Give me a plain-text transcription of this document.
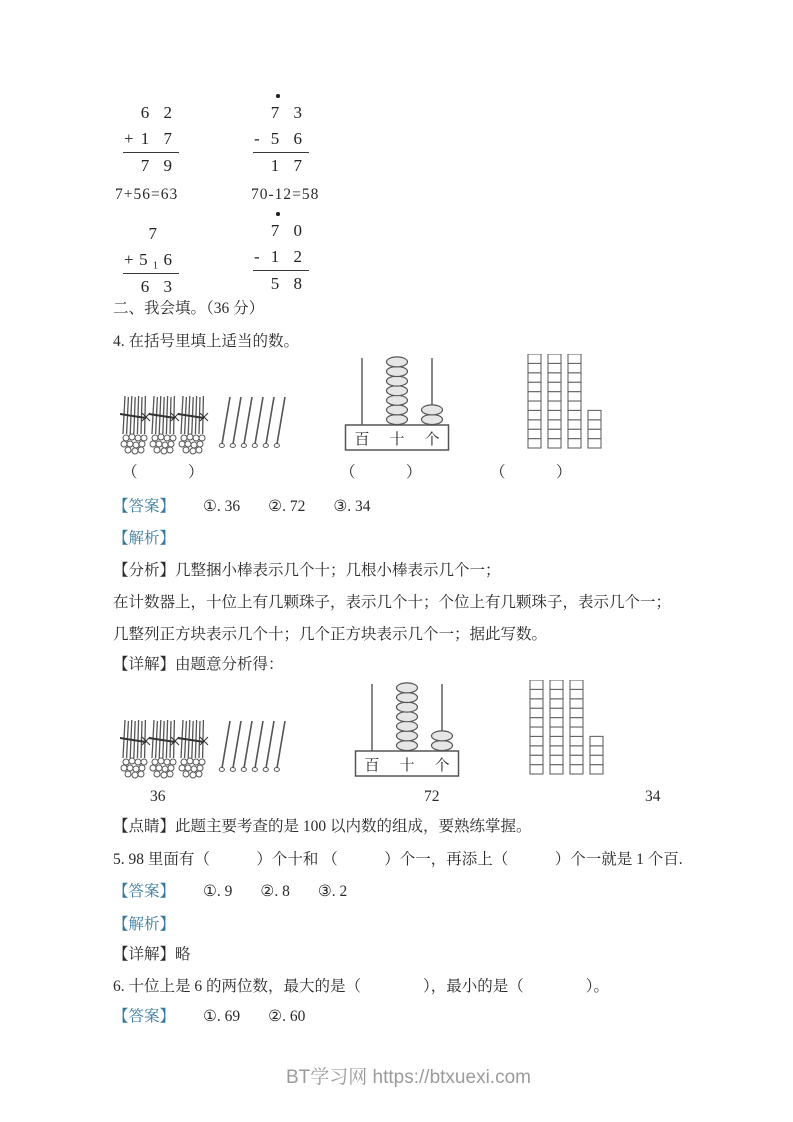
6 2
+ 1 7
7 9
7 3
- 5 6
1 7
7+56=63	70-12=58
7
+ 5₁6
6 3
7 0
- 1 2
5 8
二、我会填。（36 分）
4. 在括号里填上适当的数。
百 十 个
（　　　）	（　　　）	（　　　）
【答案】 ①. 36 ②. 72 ③. 34
【解析】
【分析】几整捆小棒表示几个十；几根小棒表示几个一；
在计数器上，十位上有几颗珠子，表示几个十；个位上有几颗珠子，表示几个一；
几整列正方块表示几个十；几个正方块表示几个一；据此写数。
【详解】由题意分析得：
百 十 个
36	72	34
【点睛】此题主要考查的是 100 以内数的组成，要熟练掌握。
5. 98 里面有（　　　）个十和 （　　　）个一，再添上（　　　）个一就是 1 个百.
【答案】 ①. 9 ②. 8 ③. 2
【解析】
【详解】略
6. 十位上是 6 的两位数，最大的是（　　　　），最小的是（　　　　）。
【答案】 ①. 69 ②. 60
BT学习网 https://btxuexi.com
